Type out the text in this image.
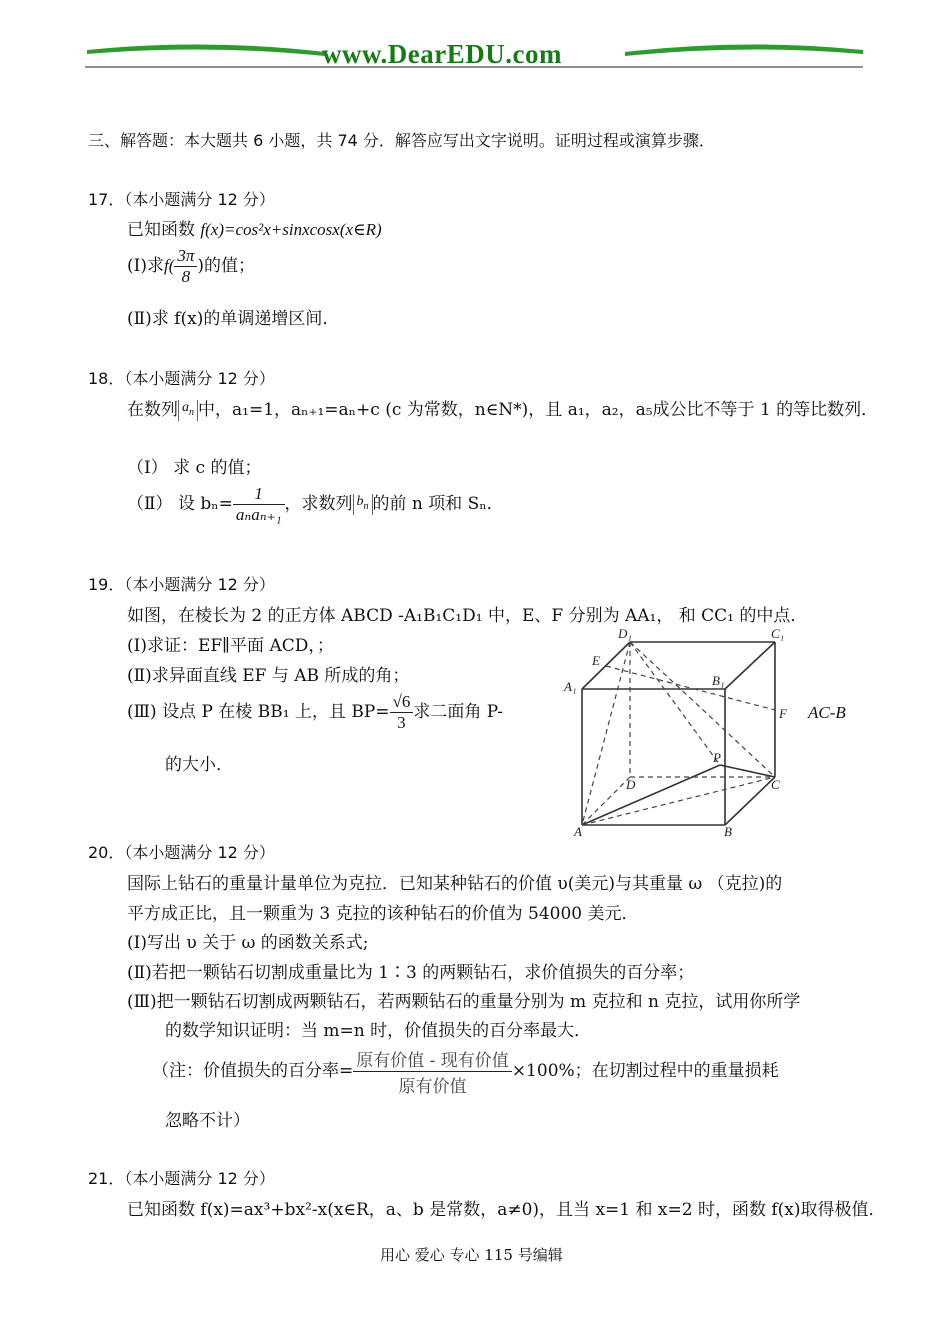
www.DearEDU.com
三、解答题：本大题共 6 小题，共 74 分．解答应写出文字说明。证明过程或演算步骤．
17．（本小题满分 12 分）
已知函数 f(x)=cos²x+sinxcosx(x∈R)
(Ⅰ)求$f( \frac{3\pi}{8}$ )的值；
(Ⅱ)求 f(x)的单调递增区间．
18．（本小题满分 12 分）
在数列 $a_n$ 中，a₁=1，aₙ₊₁=aₙ+c (c 为常数，n∈N*)，且 a₁，a₂，a₅成公比不等于 1 的等比数列．
（Ⅰ） 求 c 的值；
（Ⅱ） 设 $b_n= \frac{1}{\text{aₙaₙ₊₁}}$ ，求数列 $b_n$ 的前 n 项和 Sₙ．
19．（本小题满分 12 分）
如图，在棱长为 2 的正方体 ABCD -A₁B₁C₁D₁ 中，E、F 分别为 AA₁， 和 CC₁ 的中点．
(Ⅰ)求证：EF∥平面 ACD，；
(Ⅱ)求异面直线 EF 与 AB 所成的角；
(Ⅲ) 设点 P 在棱 BB₁ 上，且 $BP= \frac{√6}{3}$ 求二面角 P-	AC-B
的大小．
D₁	C₁
E
A₁	B₁
F
P
D	C
A	B
20．（本小题满分 12 分）
国际上钻石的重量计量单位为克拉．已知某种钻石的价值 υ(美元)与其重量 ω （克拉)的
平方成正比，且一颗重为 3 克拉的该种钻石的价值为 54000 美元．
(Ⅰ)写出 υ 关于 ω 的函数关系式;
(Ⅱ)若把一颗钻石切割成重量比为 1∶3 的两颗钻石，求价值损失的百分率；
(Ⅲ)把一颗钻石切割成两颗钻石，若两颗钻石的重量分别为 m 克拉和 n 克拉，试用你所学
的数学知识证明：当 m=n 时，价值损失的百分率最大．
（注：价值损失的百分率= $\frac{\text{原有价值 - 现有价值}}{\text{原有价值}} \times 100\%$；在切割过程中的重量损耗
忽略不计）
21．（本小题满分 12 分）
已知函数 f(x)=ax³+bx²-x(x∈R，a、b 是常数，a≠0)，且当 x=1 和 x=2 时，函数 f(x)取得极值．
用心 爱心 专心 115 号编辑
